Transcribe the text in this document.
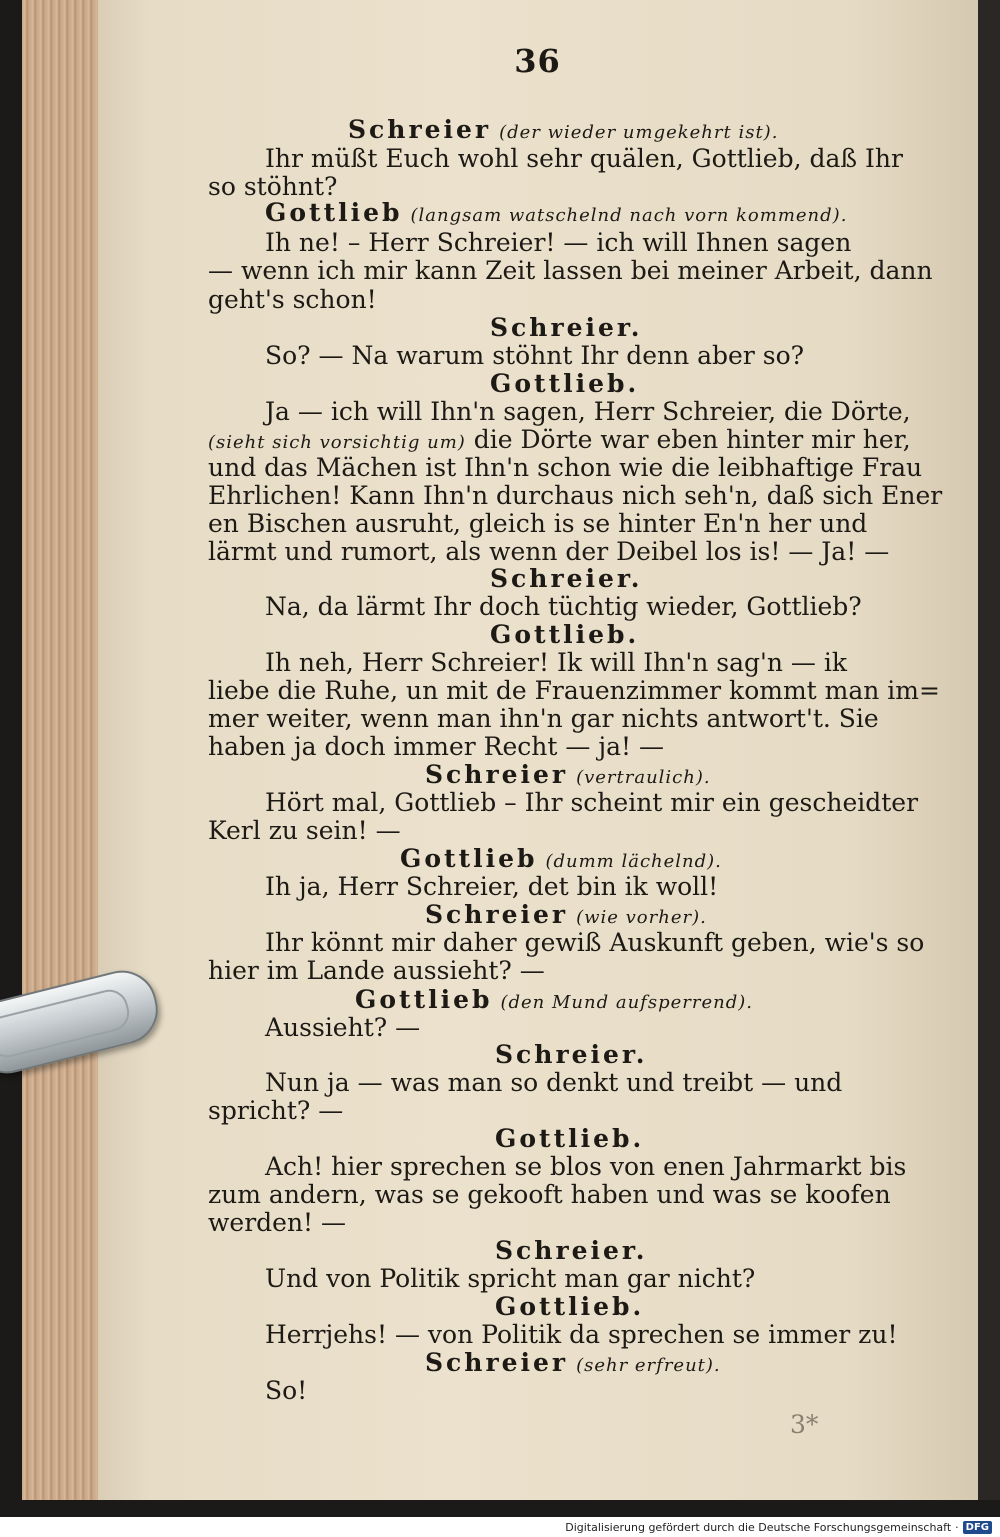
36
Schreier (der wieder umgekehrt ist).
Ihr müßt Euch wohl sehr quälen, Gottlieb, daß Ihr
so stöhnt?
Gottlieb (langsam watschelnd nach vorn kommend).
Ih ne! – Herr Schreier! — ich will Ihnen sagen
— wenn ich mir kann Zeit lassen bei meiner Arbeit, dann
geht's schon!
Schreier.
So? — Na warum stöhnt Ihr denn aber so?
Gottlieb.
Ja — ich will Ihn'n sagen, Herr Schreier, die Dörte,
(sieht sich vorsichtig um) die Dörte war eben hinter mir her,
und das Mächen ist Ihn'n schon wie die leibhaftige Frau
Ehrlichen! Kann Ihn'n durchaus nich seh'n, daß sich Ener
en Bischen ausruht, gleich is se hinter En'n her und
lärmt und rumort, als wenn der Deibel los is! — Ja! —
Schreier.
Na, da lärmt Ihr doch tüchtig wieder, Gottlieb?
Gottlieb.
Ih neh, Herr Schreier! Ik will Ihn'n sag'n — ik
liebe die Ruhe, un mit de Frauenzimmer kommt man im=
mer weiter, wenn man ihn'n gar nichts antwort't. Sie
haben ja doch immer Recht — ja! —
Schreier (vertraulich).
Hört mal, Gottlieb – Ihr scheint mir ein gescheidter
Kerl zu sein! —
Gottlieb (dumm lächelnd).
Ih ja, Herr Schreier, det bin ik woll!
Schreier (wie vorher).
Ihr könnt mir daher gewiß Auskunft geben, wie's so
hier im Lande aussieht? —
Gottlieb (den Mund aufsperrend).
Aussieht? —
Schreier.
Nun ja — was man so denkt und treibt — und
spricht? —
Gottlieb.
Ach! hier sprechen se blos von enen Jahrmarkt bis
zum andern, was se gekooft haben und was se koofen
werden! —
Schreier.
Und von Politik spricht man gar nicht?
Gottlieb.
Herrjehs! — von Politik da sprechen se immer zu!
Schreier (sehr erfreut).
So!
3*
Digitalisierung gefördert durch die Deutsche Forschungsgemeinschaft · DFG
